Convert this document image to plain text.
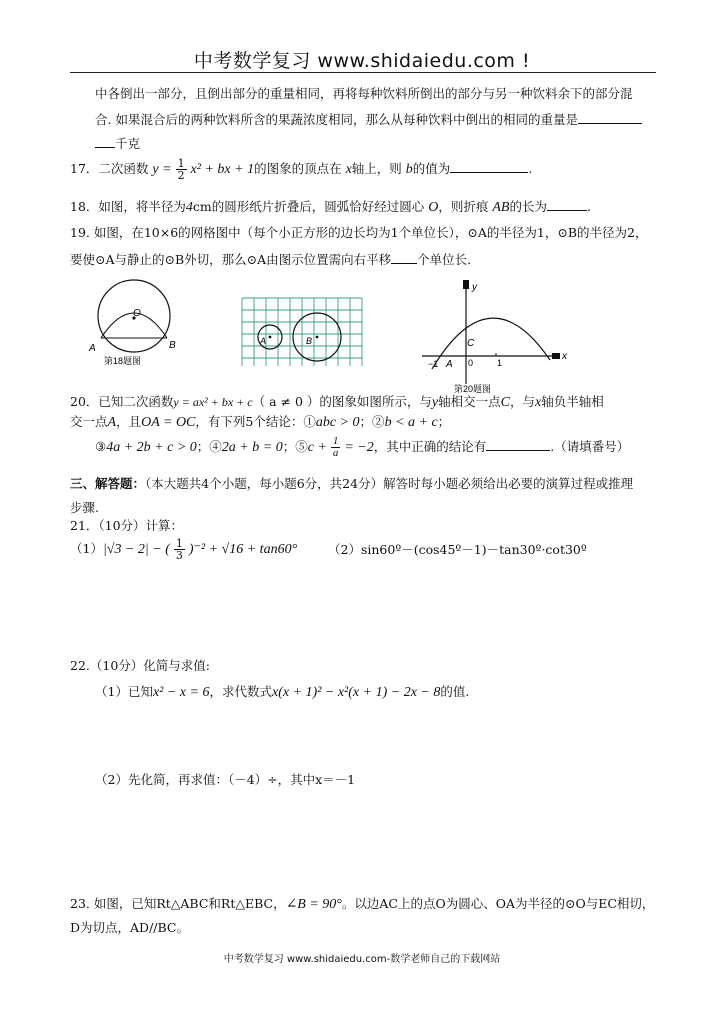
中考数学复习 www.shidaiedu.com !
中各倒出一部分，且倒出部分的重量相同，再将每种饮料所倒出的部分与另一种饮料余下的部分混
合. 如果混合后的两种饮料所含的果蔬浓度相同，那么从每种饮料中倒出的相同的重量是
千克
17．二次函数 $y = \frac{1}{2} x^2$ + bx + 1的图象的顶点在 x轴上，则 b的值为	.
18．如图，将半径为4cm的圆形纸片折叠后，圆弧恰好经过圆心 O，则折痕 AB的长为	.
19. 如图，在10×6的网格图中（每个小正方形的边长均为1个单位长），⊙A的半径为1，⊙B的半径为2，
要使⊙A与静止的⊙B外切，那么⊙A由图示位置需向右平移 个单位长.
O
A	B
第18题图
A	B
y
x
C
−1 A 0	1
第20题图
20．已知二次函数y = ax² + bx + c（ a ≠ 0 ）的图象如图所示，与y轴相交一点C，与x轴负半轴相
交一点A，且OA = OC，有下列5个结论：①abc > 0；②b < a + c；
③4a + 2b + c > 0；④2a + b = 0；⑤c + $\frac{1}{a} = -2$，其中正确的结论有	.（请填番号）
三、解答题：（本大题共4个小题，每小题6分，共24分）解答时每小题必须给出必要的演算过程或推理
步骤.
21．（10分）计算：
（1）|√3 − 2| − ( $\frac{1}{3} )^{-2} + √16 + \tan 60^\circ$ （2）sin60º－(cos45º－1)－tan30º·cot30º
22.（10分）化简与求值:
（1）已知x² − x = 6，求代数式x(x + 1)² − x²(x + 1) − 2x − 8的值.
（2）先化简，再求值：（－4）÷，其中x＝－1
23. 如图，已知Rt△ABC和Rt△EBC，∠B = 90°。以边AC上的点O为圆心、OA为半径的⊙O与EC相切，
D为切点，AD//BC。
中考数学复习 www.shidaiedu.com-数学老师自己的下载网站
